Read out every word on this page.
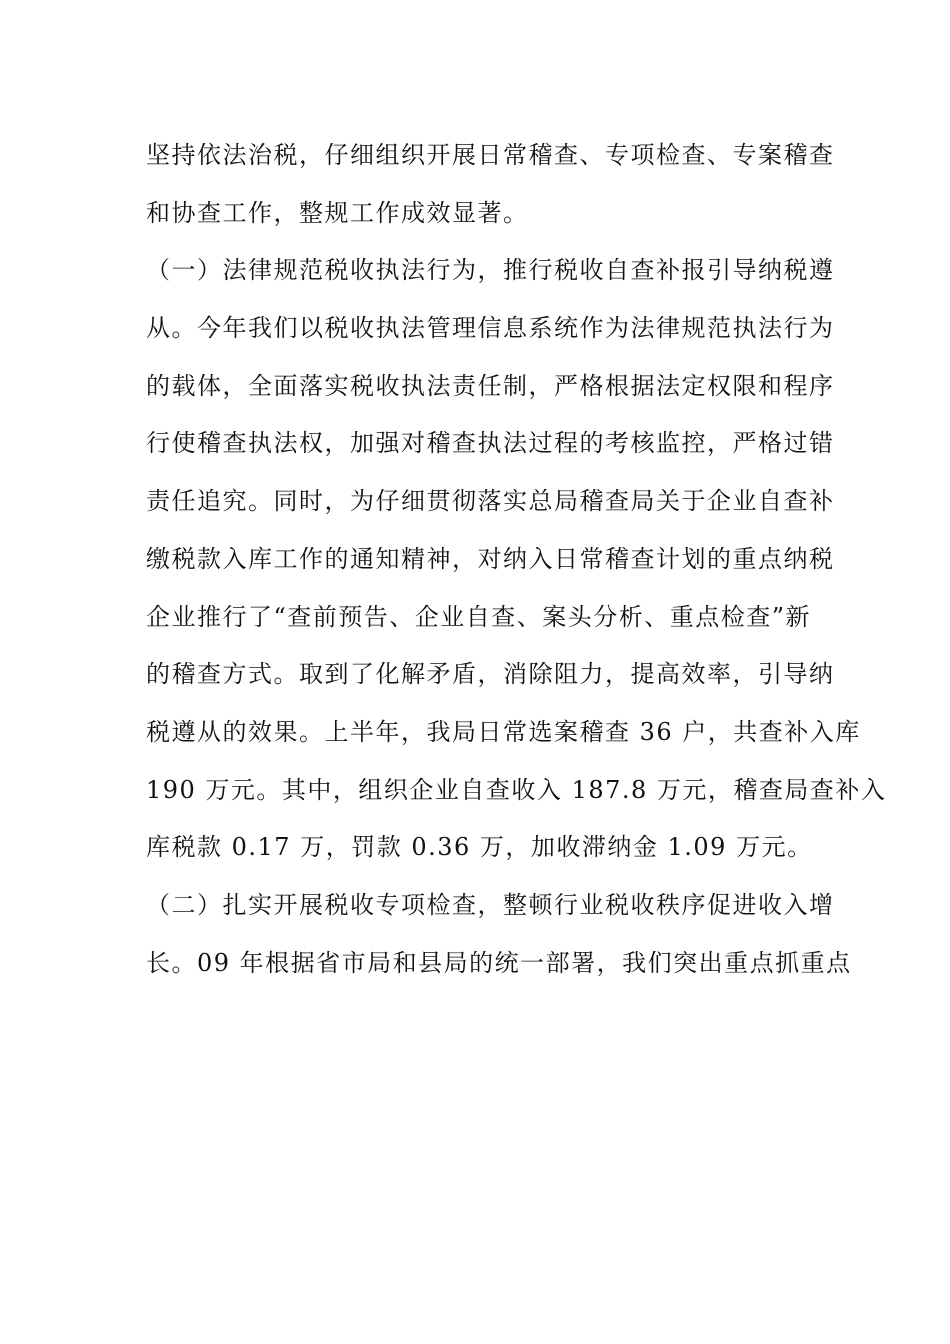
坚持依法治税，仔细组织开展日常稽查、专项检查、专案稽查
和协查工作，整规工作成效显著。
（一）法律规范税收执法行为，推行税收自查补报引导纳税遵
从。今年我们以税收执法管理信息系统作为法律规范执法行为
的载体，全面落实税收执法责任制，严格根据法定权限和程序
行使稽查执法权，加强对稽查执法过程的考核监控，严格过错
责任追究。同时，为仔细贯彻落实总局稽查局关于企业自查补
缴税款入库工作的通知精神，对纳入日常稽查计划的重点纳税
企业推行了“查前预告、企业自查、案头分析、重点检查”新
的稽查方式。取到了化解矛盾，消除阻力，提高效率，引导纳
税遵从的效果。上半年，我局日常选案稽查 36 户，共查补入库
190 万元。其中，组织企业自查收入 187.8 万元，稽查局查补入
库税款 0.17 万，罚款 0.36 万，加收滞纳金 1.09 万元。
（二）扎实开展税收专项检查，整顿行业税收秩序促进收入增
长。09 年根据省市局和县局的统一部署，我们突出重点抓重点
